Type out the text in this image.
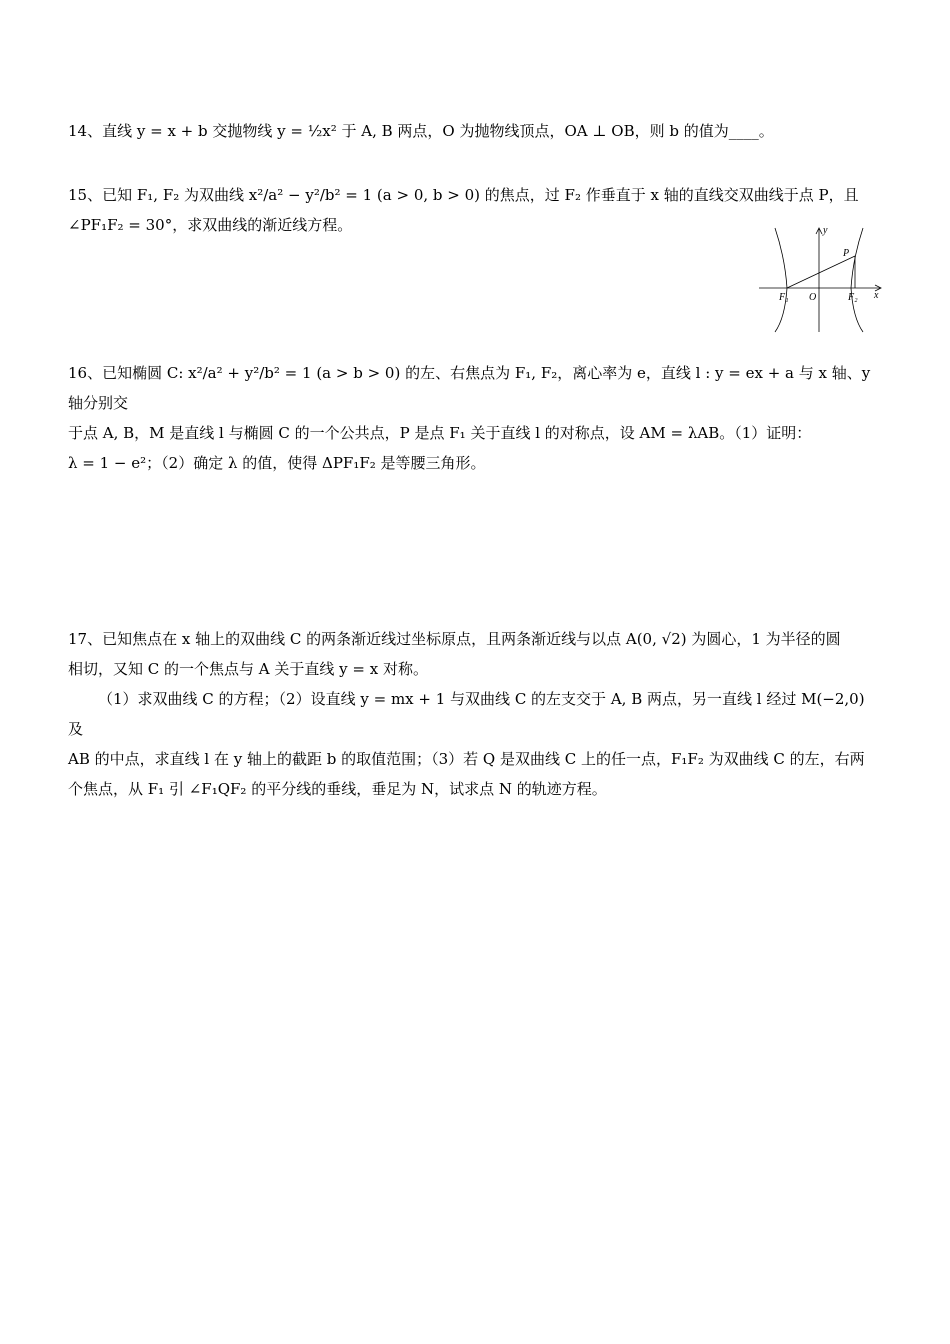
14、直线 y = x + b 交抛物线 y = ½x² 于 A, B 两点，O 为抛物线顶点，OA ⊥ OB，则 b 的值为____。
15、已知 F₁, F₂ 为双曲线 x²/a² − y²/b² = 1 (a > 0, b > 0) 的焦点，过 F₂ 作垂直于 x 轴的直线交双曲线于点 P，且
∠PF₁F₂ = 30°，求双曲线的渐近线方程。	y
x
P
F₁ O	F₂
16、已知椭圆 C: x²/a² + y²/b² = 1 (a > b > 0) 的左、右焦点为 F₁, F₂，离心率为 e，直线 l : y = ex + a 与 x 轴、y 轴分别交
于点 A, B，M 是直线 l 与椭圆 C 的一个公共点，P 是点 F₁ 关于直线 l 的对称点，设 AM = λAB。（1）证明：
λ = 1 − e²；（2）确定 λ 的值，使得 ΔPF₁F₂ 是等腰三角形。
17、已知焦点在 x 轴上的双曲线 C 的两条渐近线过坐标原点，且两条渐近线与以点 A(0, √2) 为圆心，1 为半径的圆
相切，又知 C 的一个焦点与 A 关于直线 y = x 对称。
（1）求双曲线 C 的方程；（2）设直线 y = mx + 1 与双曲线 C 的左支交于 A, B 两点，另一直线 l 经过 M(−2,0) 及
AB 的中点，求直线 l 在 y 轴上的截距 b 的取值范围；（3）若 Q 是双曲线 C 上的任一点，F₁F₂ 为双曲线 C 的左，右两
个焦点，从 F₁ 引 ∠F₁QF₂ 的平分线的垂线，垂足为 N，试求点 N 的轨迹方程。
